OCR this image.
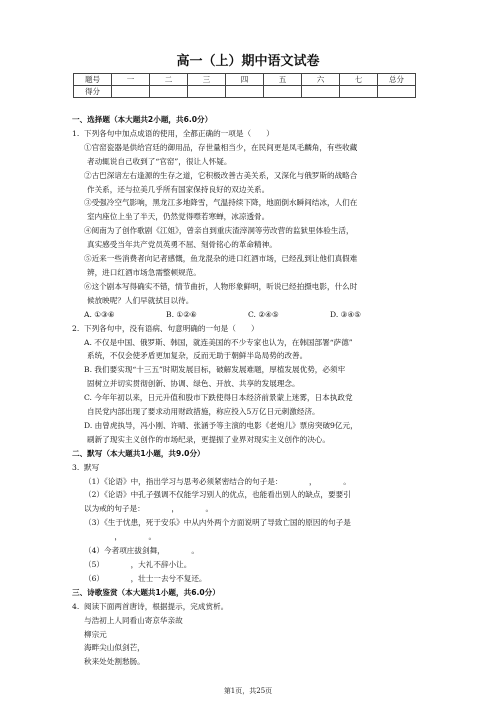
高一（上）期中语文试卷
题号	一	二	三	四	五	六	七	总分
得分								
一、选择题（本大题共2小题，共6.0分）
1. 下列各句中加点成语的使用，全都正确的一项是（　　）
①官窑瓷器是供给宫廷的御用品，存世量相当少，在民间更是凤毛麟角，有些收藏
者动辄说自己收到了“官窑”，很让人怀疑。
②古巴深谙左右逢源的生存之道，它积极改善古美关系，又深化与俄罗斯的战略合
作关系，还与拉美几乎所有国家保持良好的双边关系。
③受强冷空气影响，黑龙江多地降雪，气温持续下降，地面倒水瞬间结冰，人们在
室内座位上坐了半天，仍然觉得噤若寒蝉，冰凉透骨。
④阅南为了创作歌剧《江姐》，曾亲自到重庆渣滓洞等劳改营的监狱里体验生活，
真实感受当年共产党员英勇不屈、刻骨铭心的革命精神。
⑤近来一些消费者向记者感慨，鱼龙混杂的进口红酒市场，已经乱到让他们真假难
辨，进口红酒市场急需整顿规范。
⑥这个剧本写得确实不错，情节曲折，人物形象鲜明，听说已经拍摄电影，什么时
候放映呢？人们早就拭目以待。
A. ①③⑥	B. ①②⑥	C. ②④⑤	D. ③④⑤
2. 下列各句中，没有语病、句意明确的一句是（　　）
A. 不仅是中国、俄罗斯、韩国，就连美国的不少专家也认为，在韩国部署“萨德”
系统，不仅会使矛盾更加复杂，反而无助于朝鲜半岛局势的改善。
B. 我们要实现“十三五”时期发展目标，破解发展难题，厚植发展优势，必须牢
固树立并切实贯彻创新、协调、绿色、开放、共享的发展理念。
C. 今年年初以来，日元升值和股市下跌使得日本经济前景蒙上迷雾，日本执政党
自民党内部出现了要求动用财政措施，称应投入5万亿日元刺激经济。
D. 由曾虎执导，冯小刚、许晴、张涵予等主演的电影《老炮儿》票房突破9亿元，
刷新了现实主义创作的市场纪录，更提振了业界对现实主义创作的决心。
二、默写（本大题共1小题，共9.0分）
3. 默写
（1）《论语》中，指出学习与思考必须紧密结合的句子是：　　　　，　　　　。
（2）《论语》中孔子强调不仅能学习别人的优点，也能看出别人的缺点，要要引
以为戒的句子是：　　　　，　　　　。
（3）《生于忧患，死于安乐》中从内外两个方面说明了导致亡国的原因的句子是
　　　　，　　　　。
（4）今者项庄拔剑舞，　　　　。
（5）　　　　，大礼不辞小让。
（6）　　　　，壮士一去兮不复还。
三、诗歌鉴赏（本大题共1小题，共6.0分）
4. 阅读下面两首唐诗，根据提示，完成赏析。
与浩初上人同看山寄京华亲故
柳宗元
海畔尖山似剑芒，
秋来处处割愁肠。
第1页，共25页
